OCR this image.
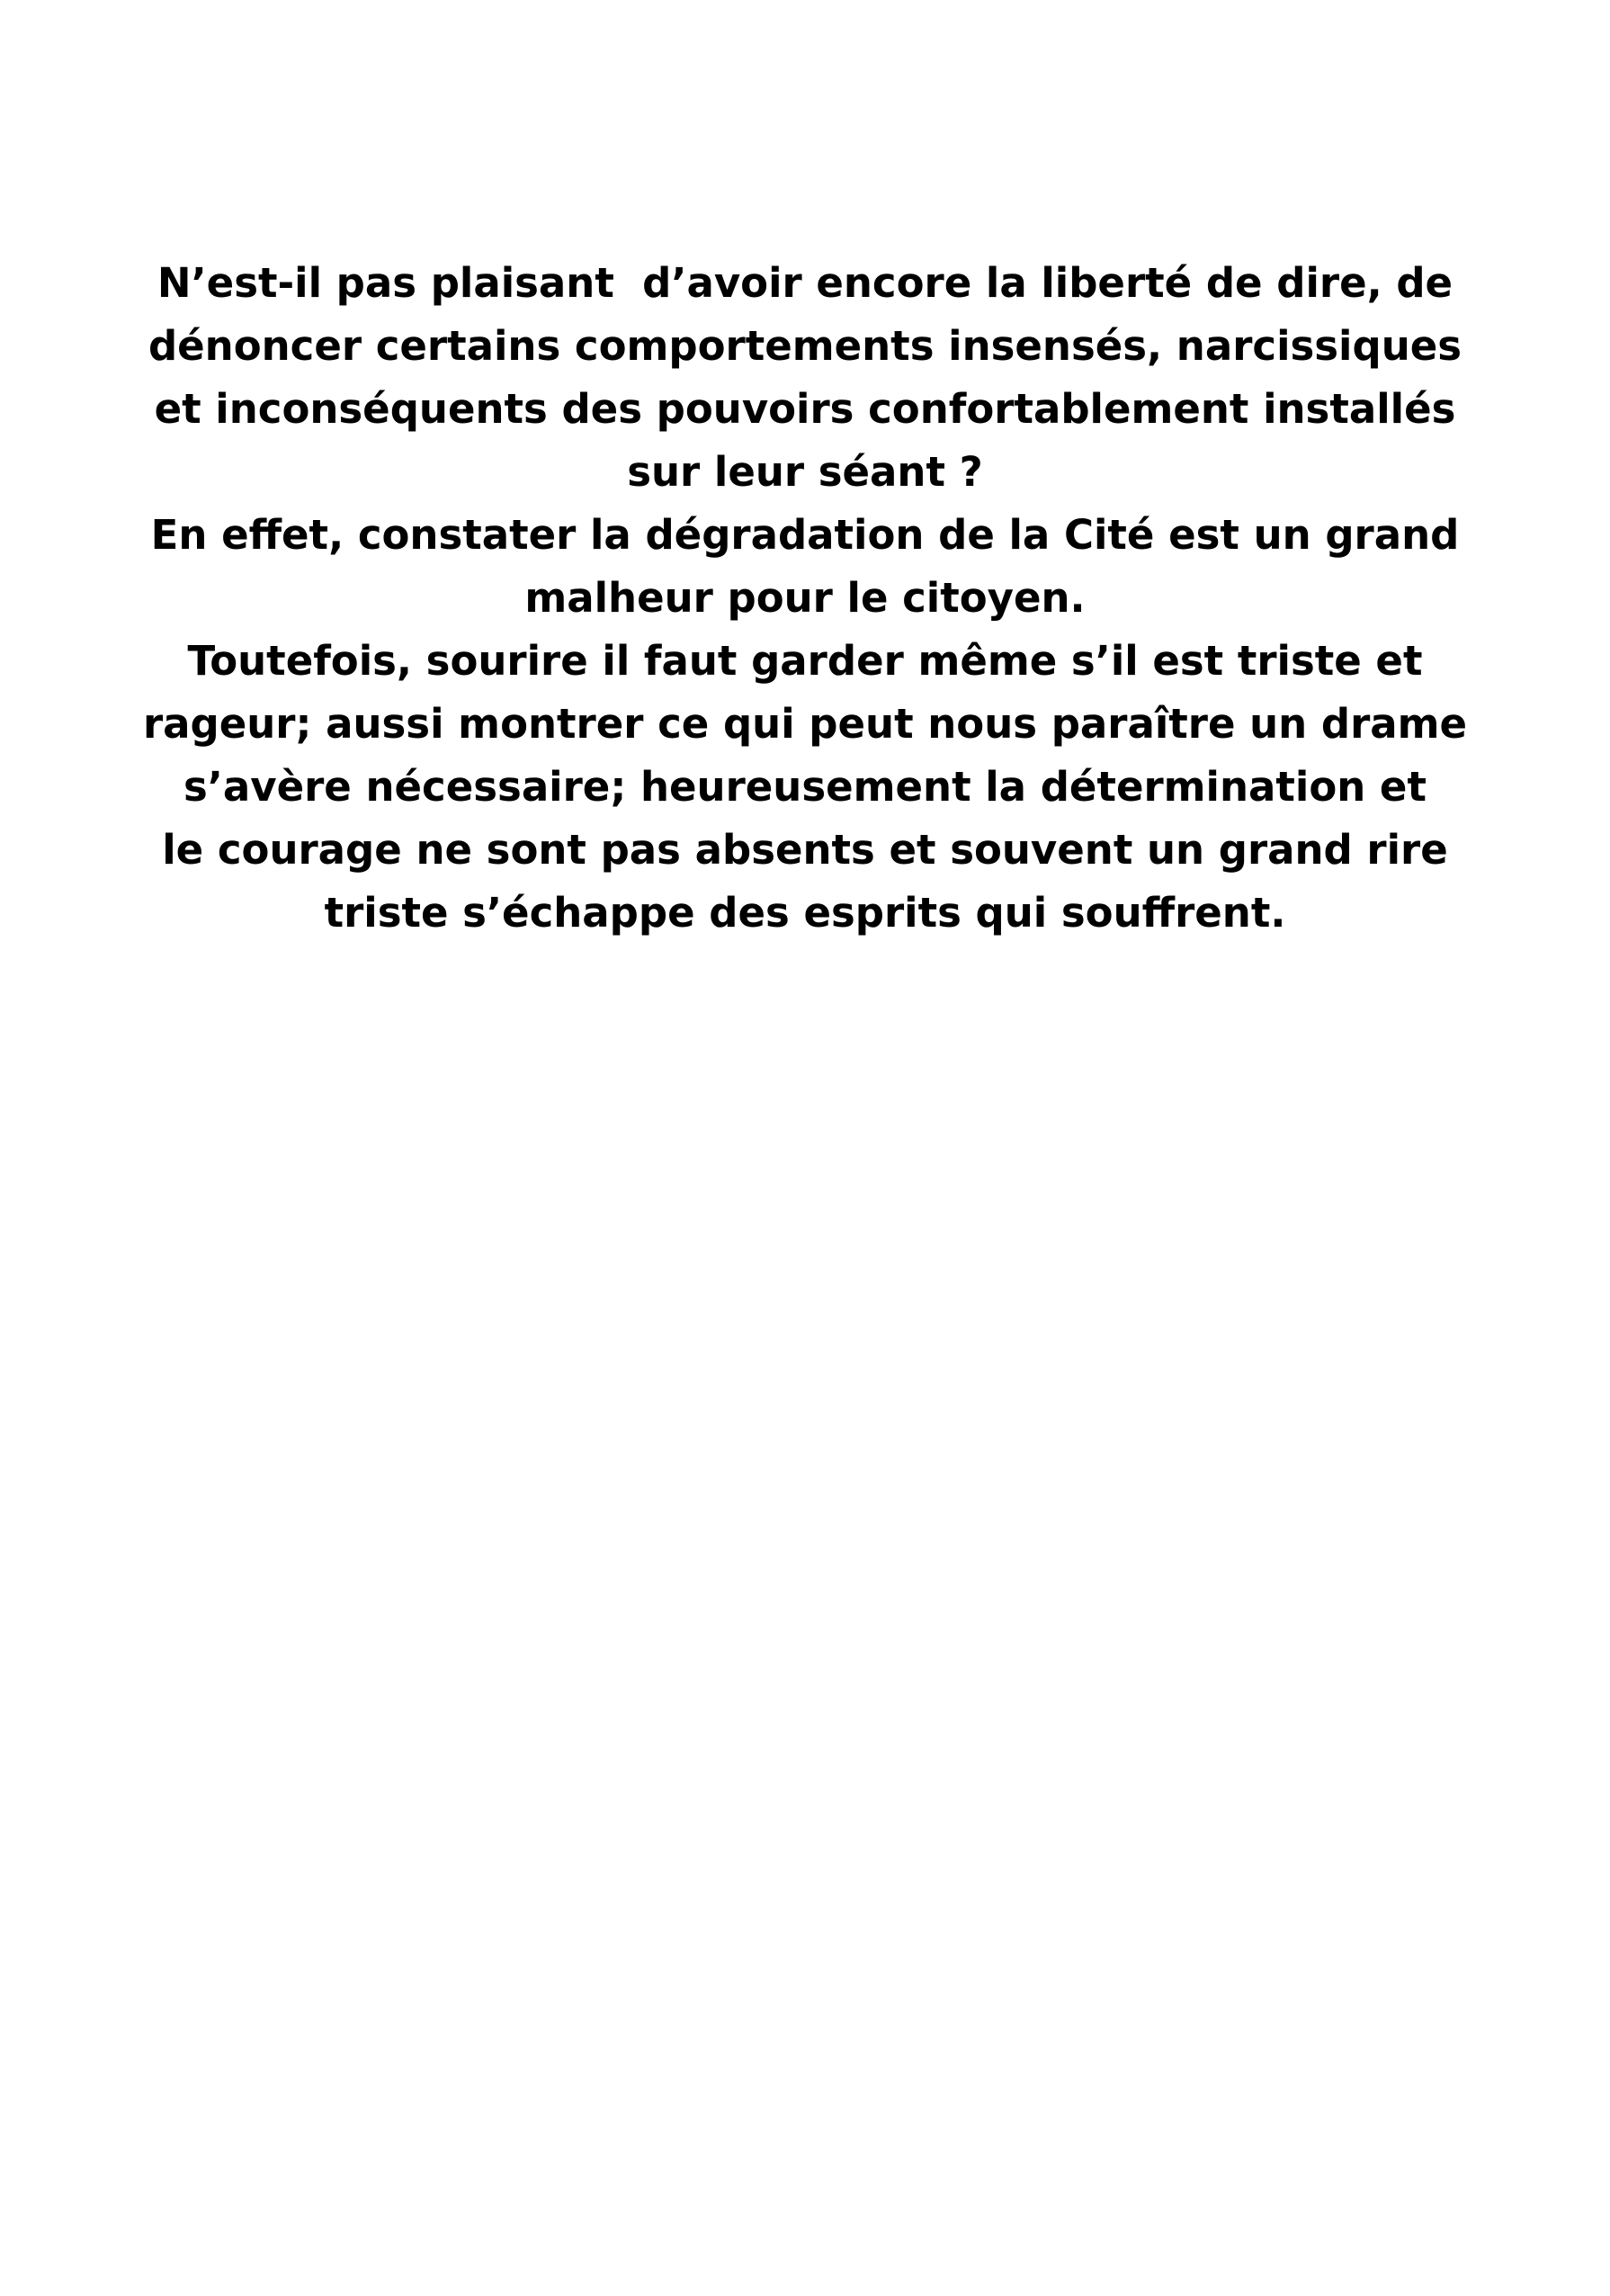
N’est-il pas plaisant  d’avoir encore la liberté de dire, de
dénoncer certains comportements insensés, narcissiques
et inconséquents des pouvoirs confortablement installés
sur leur séant ?
En effet, constater la dégradation de la Cité est un grand
malheur pour le citoyen.
Toutefois, sourire il faut garder même s’il est triste et
rageur; aussi montrer ce qui peut nous paraître un drame
s’avère nécessaire; heureusement la détermination et
le courage ne sont pas absents et souvent un grand rire
triste s’échappe des esprits qui souffrent.
